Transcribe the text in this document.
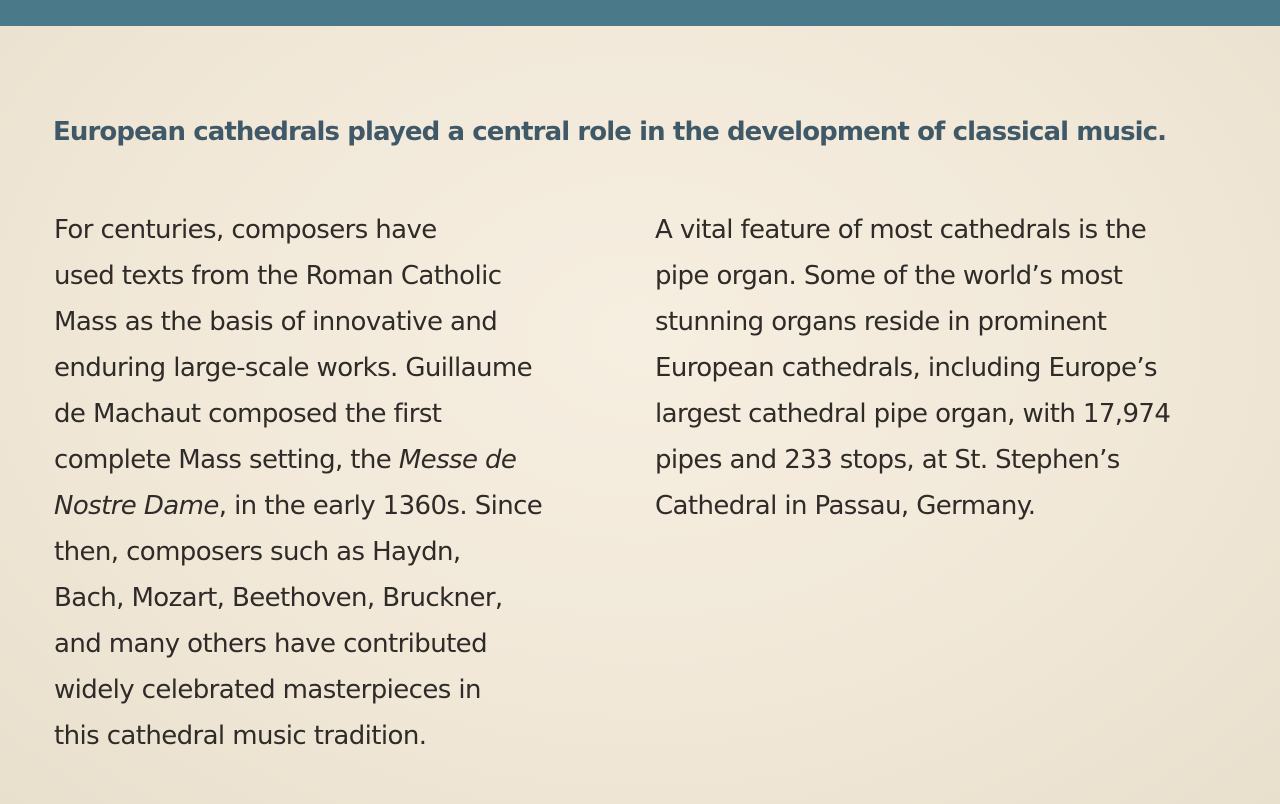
European cathedrals played a central role in the development of classical music.
For centuries, composers have
used texts from the Roman Catholic
Mass as the basis of innovative and
enduring large-scale works. Guillaume
de Machaut composed the first
complete Mass setting, the Messe de
Nostre Dame, in the early 1360s. Since
then, composers such as Haydn,
Bach, Mozart, Beethoven, Bruckner,
and many others have contributed
widely celebrated masterpieces in
this cathedral music tradition.
A vital feature of most cathedrals is the
pipe organ. Some of the world’s most
stunning organs reside in prominent
European cathedrals, including Europe’s
largest cathedral pipe organ, with 17,974
pipes and 233 stops, at St. Stephen’s
Cathedral in Passau, Germany.
